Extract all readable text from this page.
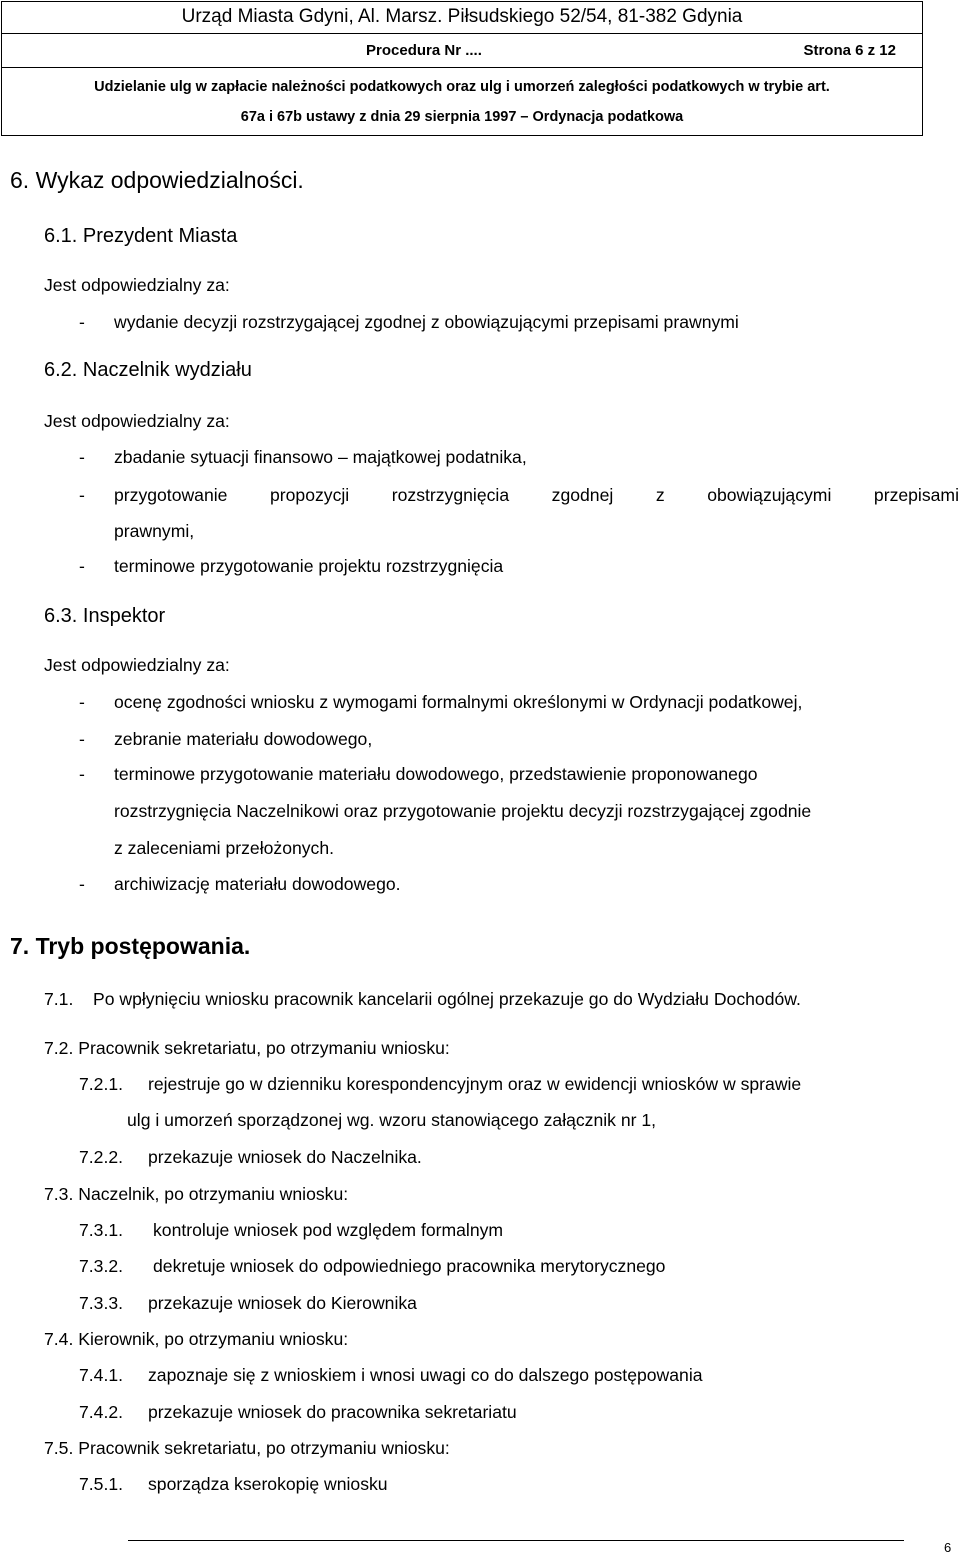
Urząd Miasta Gdyni, Al. Marsz. Piłsudskiego 52/54, 81-382 Gdynia
Procedura Nr ....	Strona 6 z 12
Udzielanie ulg w zapłacie należności podatkowych oraz ulg i umorzeń zaległości podatkowych w trybie art.
67a i 67b ustawy z dnia 29 sierpnia 1997 – Ordynacja podatkowa
6. Wykaz odpowiedzialności.
6.1. Prezydent Miasta
Jest odpowiedzialny za:
- wydanie decyzji rozstrzygającej zgodnej z obowiązującymi przepisami prawnymi
6.2. Naczelnik wydziału
Jest odpowiedzialny za:
- zbadanie sytuacji finansowo – majątkowej podatnika,
- przygotowanie propozycji rozstrzygnięcia zgodnej z obowiązującymi przepisami
prawnymi,
- terminowe przygotowanie projektu rozstrzygnięcia
6.3. Inspektor
Jest odpowiedzialny za:
- ocenę zgodności wniosku z wymogami formalnymi określonymi w Ordynacji podatkowej,
- zebranie materiału dowodowego,
- terminowe przygotowanie materiału dowodowego, przedstawienie proponowanego
rozstrzygnięcia Naczelnikowi oraz przygotowanie projektu decyzji rozstrzygającej zgodnie
z zaleceniami przełożonych.
- archiwizację materiału dowodowego.
7. Tryb postępowania.
7.1. Po wpłynięciu wniosku pracownik kancelarii ogólnej przekazuje go do Wydziału Dochodów.
7.2. Pracownik sekretariatu, po otrzymaniu wniosku:
7.2.1. rejestruje go w dzienniku korespondencyjnym oraz w ewidencji wniosków w sprawie
ulg i umorzeń sporządzonej wg. wzoru stanowiącego załącznik nr 1,
7.2.2. przekazuje wniosek do Naczelnika.
7.3. Naczelnik, po otrzymaniu wniosku:
7.3.1. kontroluje wniosek pod względem formalnym
7.3.2. dekretuje wniosek do odpowiedniego pracownika merytorycznego
7.3.3. przekazuje wniosek do Kierownika
7.4. Kierownik, po otrzymaniu wniosku:
7.4.1. zapoznaje się z wnioskiem i wnosi uwagi co do dalszego postępowania
7.4.2. przekazuje wniosek do pracownika sekretariatu
7.5. Pracownik sekretariatu, po otrzymaniu wniosku:
7.5.1. sporządza kserokopię wniosku
6
